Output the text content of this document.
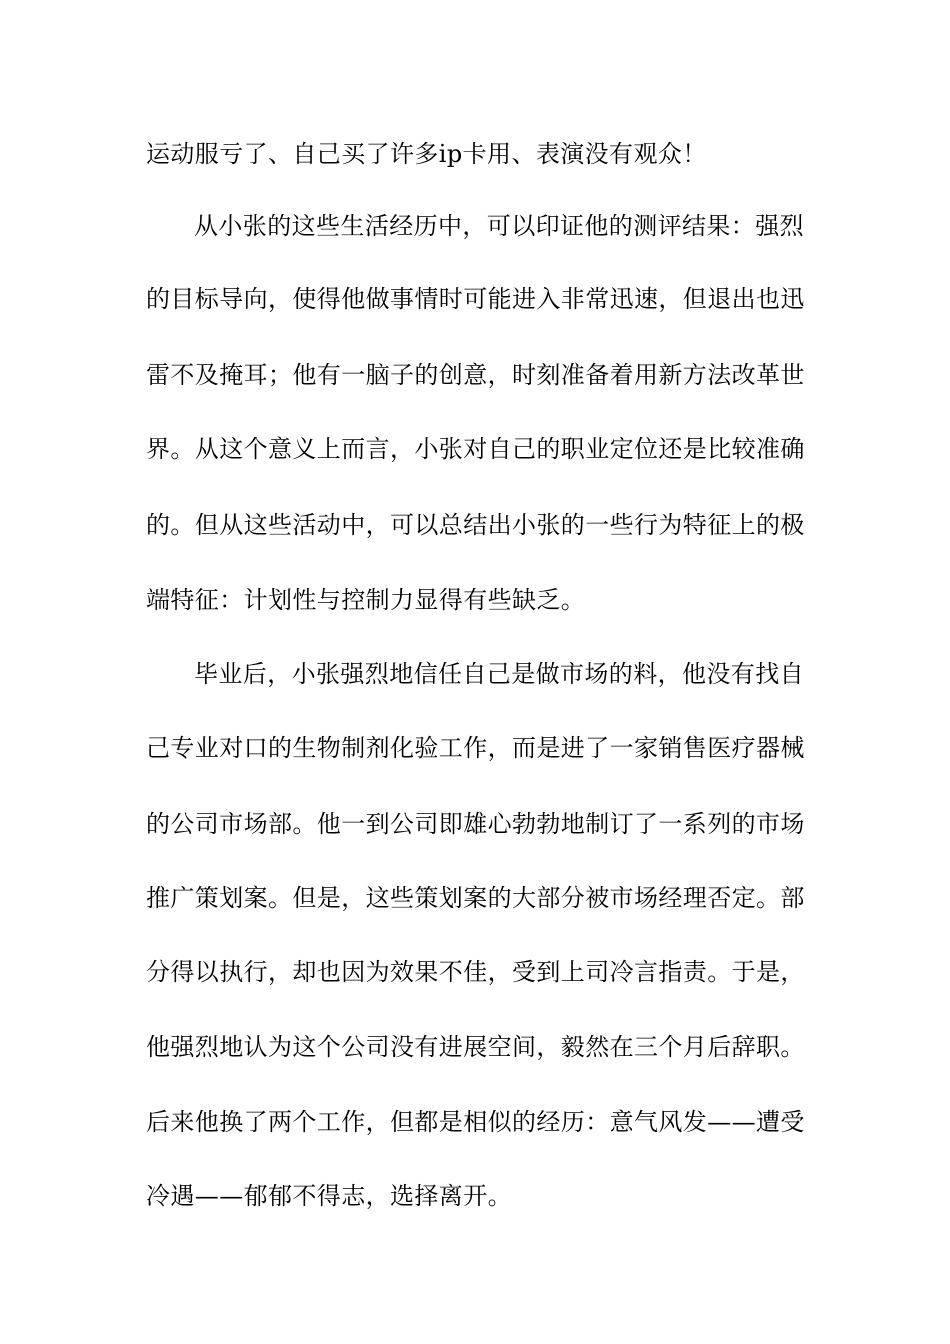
运动服亏了、自己买了许多ip卡用、表演没有观众！
从小张的这些生活经历中，可以印证他的测评结果：强烈
的目标导向，使得他做事情时可能进入非常迅速，但退出也迅
雷不及掩耳；他有一脑子的创意，时刻准备着用新方法改革世
界。从这个意义上而言，小张对自己的职业定位还是比较准确
的。但从这些活动中，可以总结出小张的一些行为特征上的极
端特征：计划性与控制力显得有些缺乏。
毕业后，小张强烈地信任自己是做市场的料，他没有找自
己专业对口的生物制剂化验工作，而是进了一家销售医疗器械
的公司市场部。他一到公司即雄心勃勃地制订了一系列的市场
推广策划案。但是，这些策划案的大部分被市场经理否定。部
分得以执行，却也因为效果不佳，受到上司冷言指责。于是，
他强烈地认为这个公司没有进展空间，毅然在三个月后辞职。
后来他换了两个工作，但都是相似的经历：意气风发——遭受
冷遇——郁郁不得志，选择离开。
